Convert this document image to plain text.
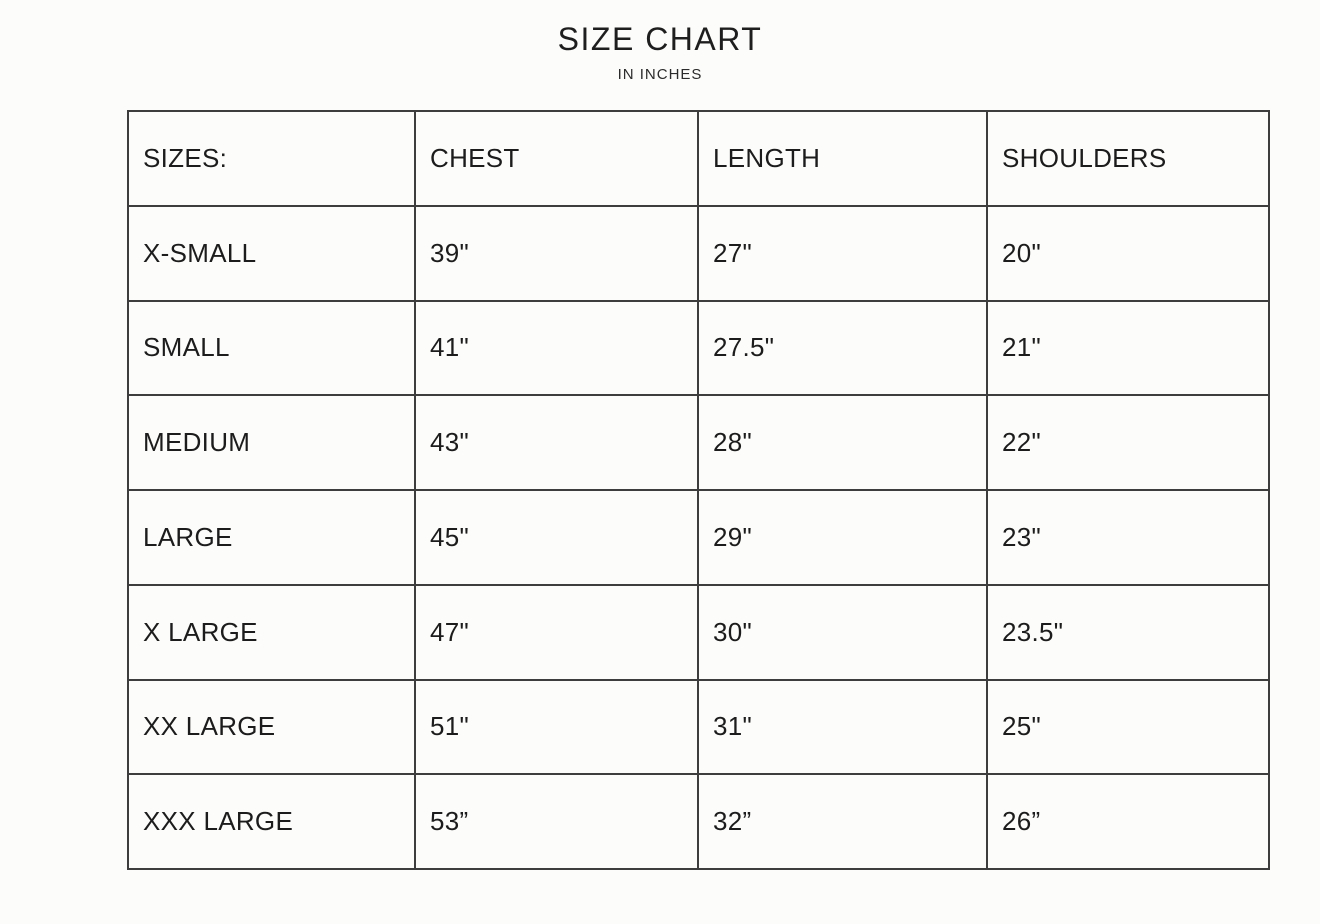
SIZE CHART
IN INCHES
SIZES:	CHEST	LENGTH	SHOULDERS
X-SMALL	39"	27"	20"
SMALL	41"	27.5"	21"
MEDIUM	43"	28"	22"
LARGE	45"	29"	23"
X LARGE	47"	30"	23.5"
XX LARGE	51"	31"	25"
XXX LARGE	53”	32”	26”
